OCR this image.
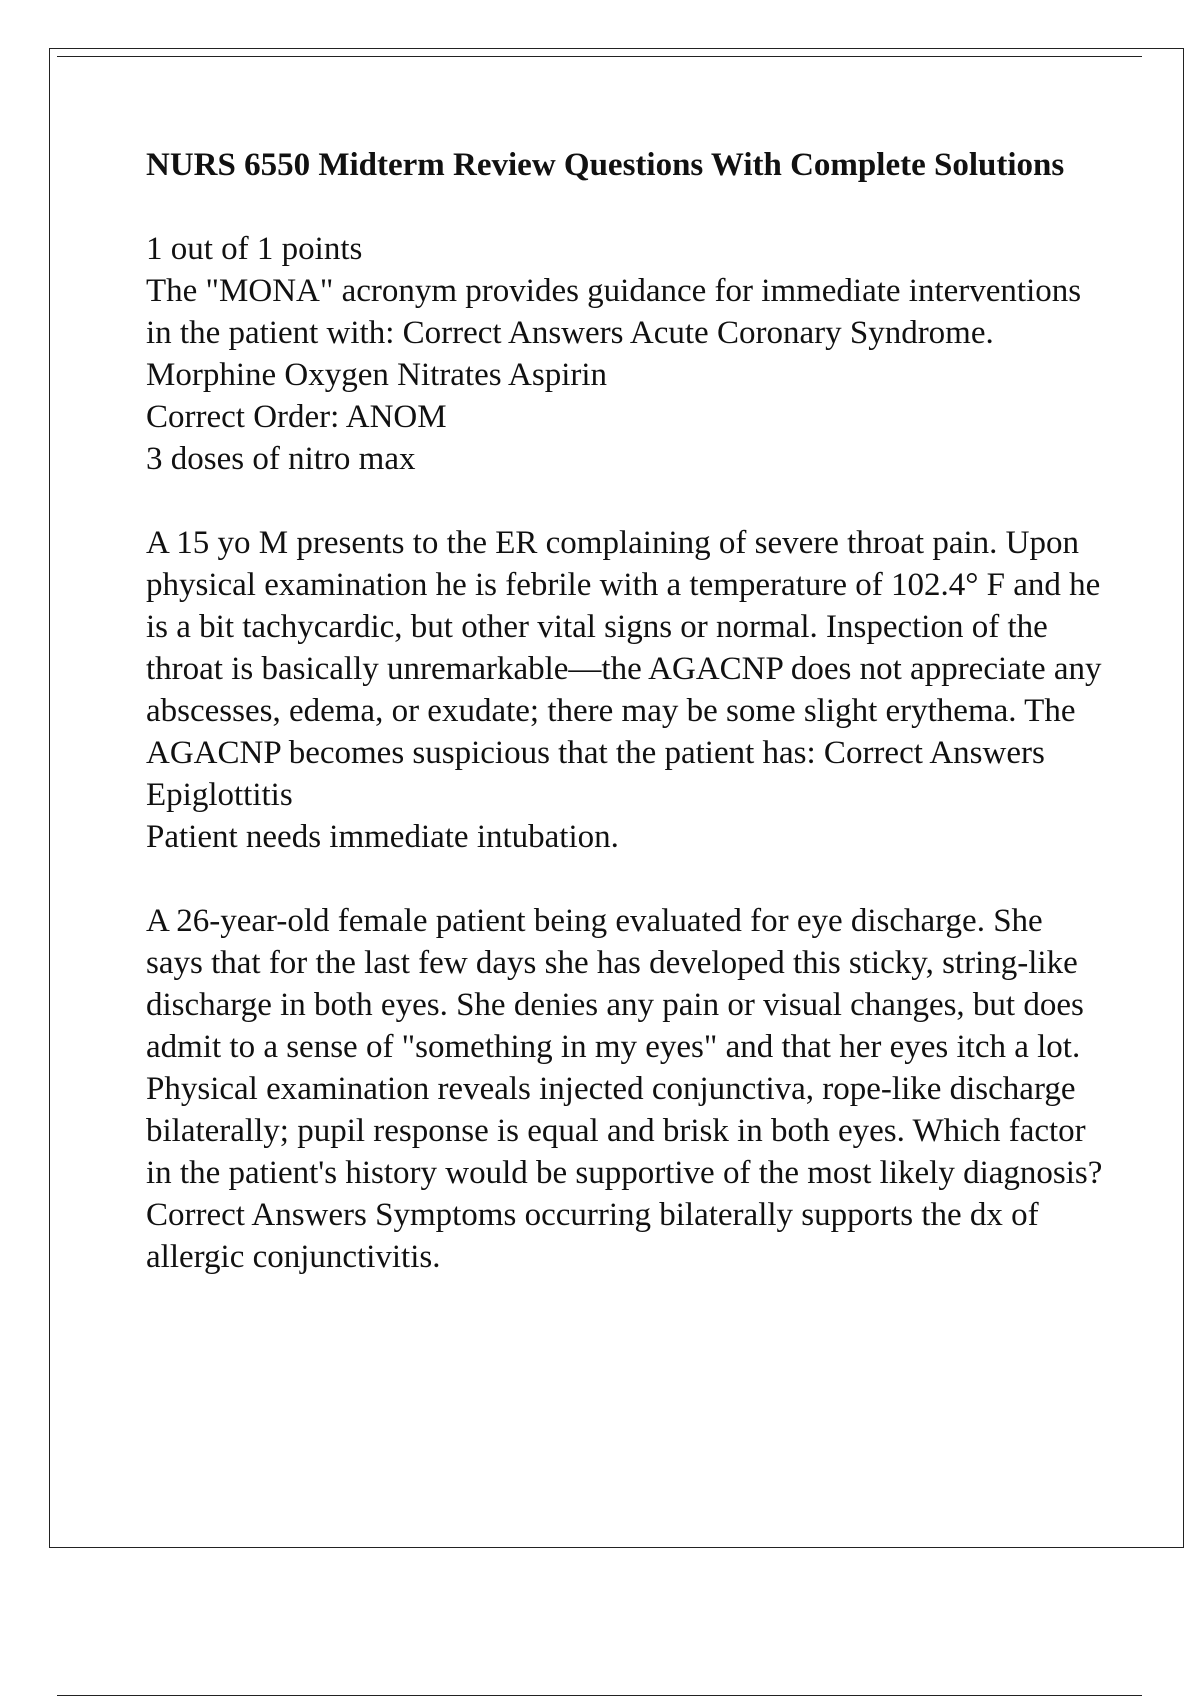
NURS 6550 Midterm Review Questions With Complete Solutions

1 out of 1 points

The "MONA" acronym provides guidance for immediate interventions in the patient with: Correct Answers Acute Coronary Syndrome.

Morphine Oxygen Nitrates Aspirin

Correct Order: ANOM

3 doses of nitro max

A 15 yo M presents to the ER complaining of severe throat pain. Upon physical examination he is febrile with a temperature of 102.4° F and he is a bit tachycardic, but other vital signs or normal. Inspection of the throat is basically unremarkable—the AGACNP does not appreciate any abscesses, edema, or exudate; there may be some slight erythema. The AGACNP becomes suspicious that the patient has: Correct Answers Epiglottitis

Patient needs immediate intubation.

A 26-year-old female patient being evaluated for eye discharge. She says that for the last few days she has developed this sticky, string-like discharge in both eyes. She denies any pain or visual changes, but does admit to a sense of "something in my eyes" and that her eyes itch a lot. Physical examination reveals injected conjunctiva, rope-like discharge bilaterally; pupil response is equal and brisk in both eyes. Which factor in the patient's history would be supportive of the most likely diagnosis? Correct Answers Symptoms occurring bilaterally supports the dx of allergic conjunctivitis.
